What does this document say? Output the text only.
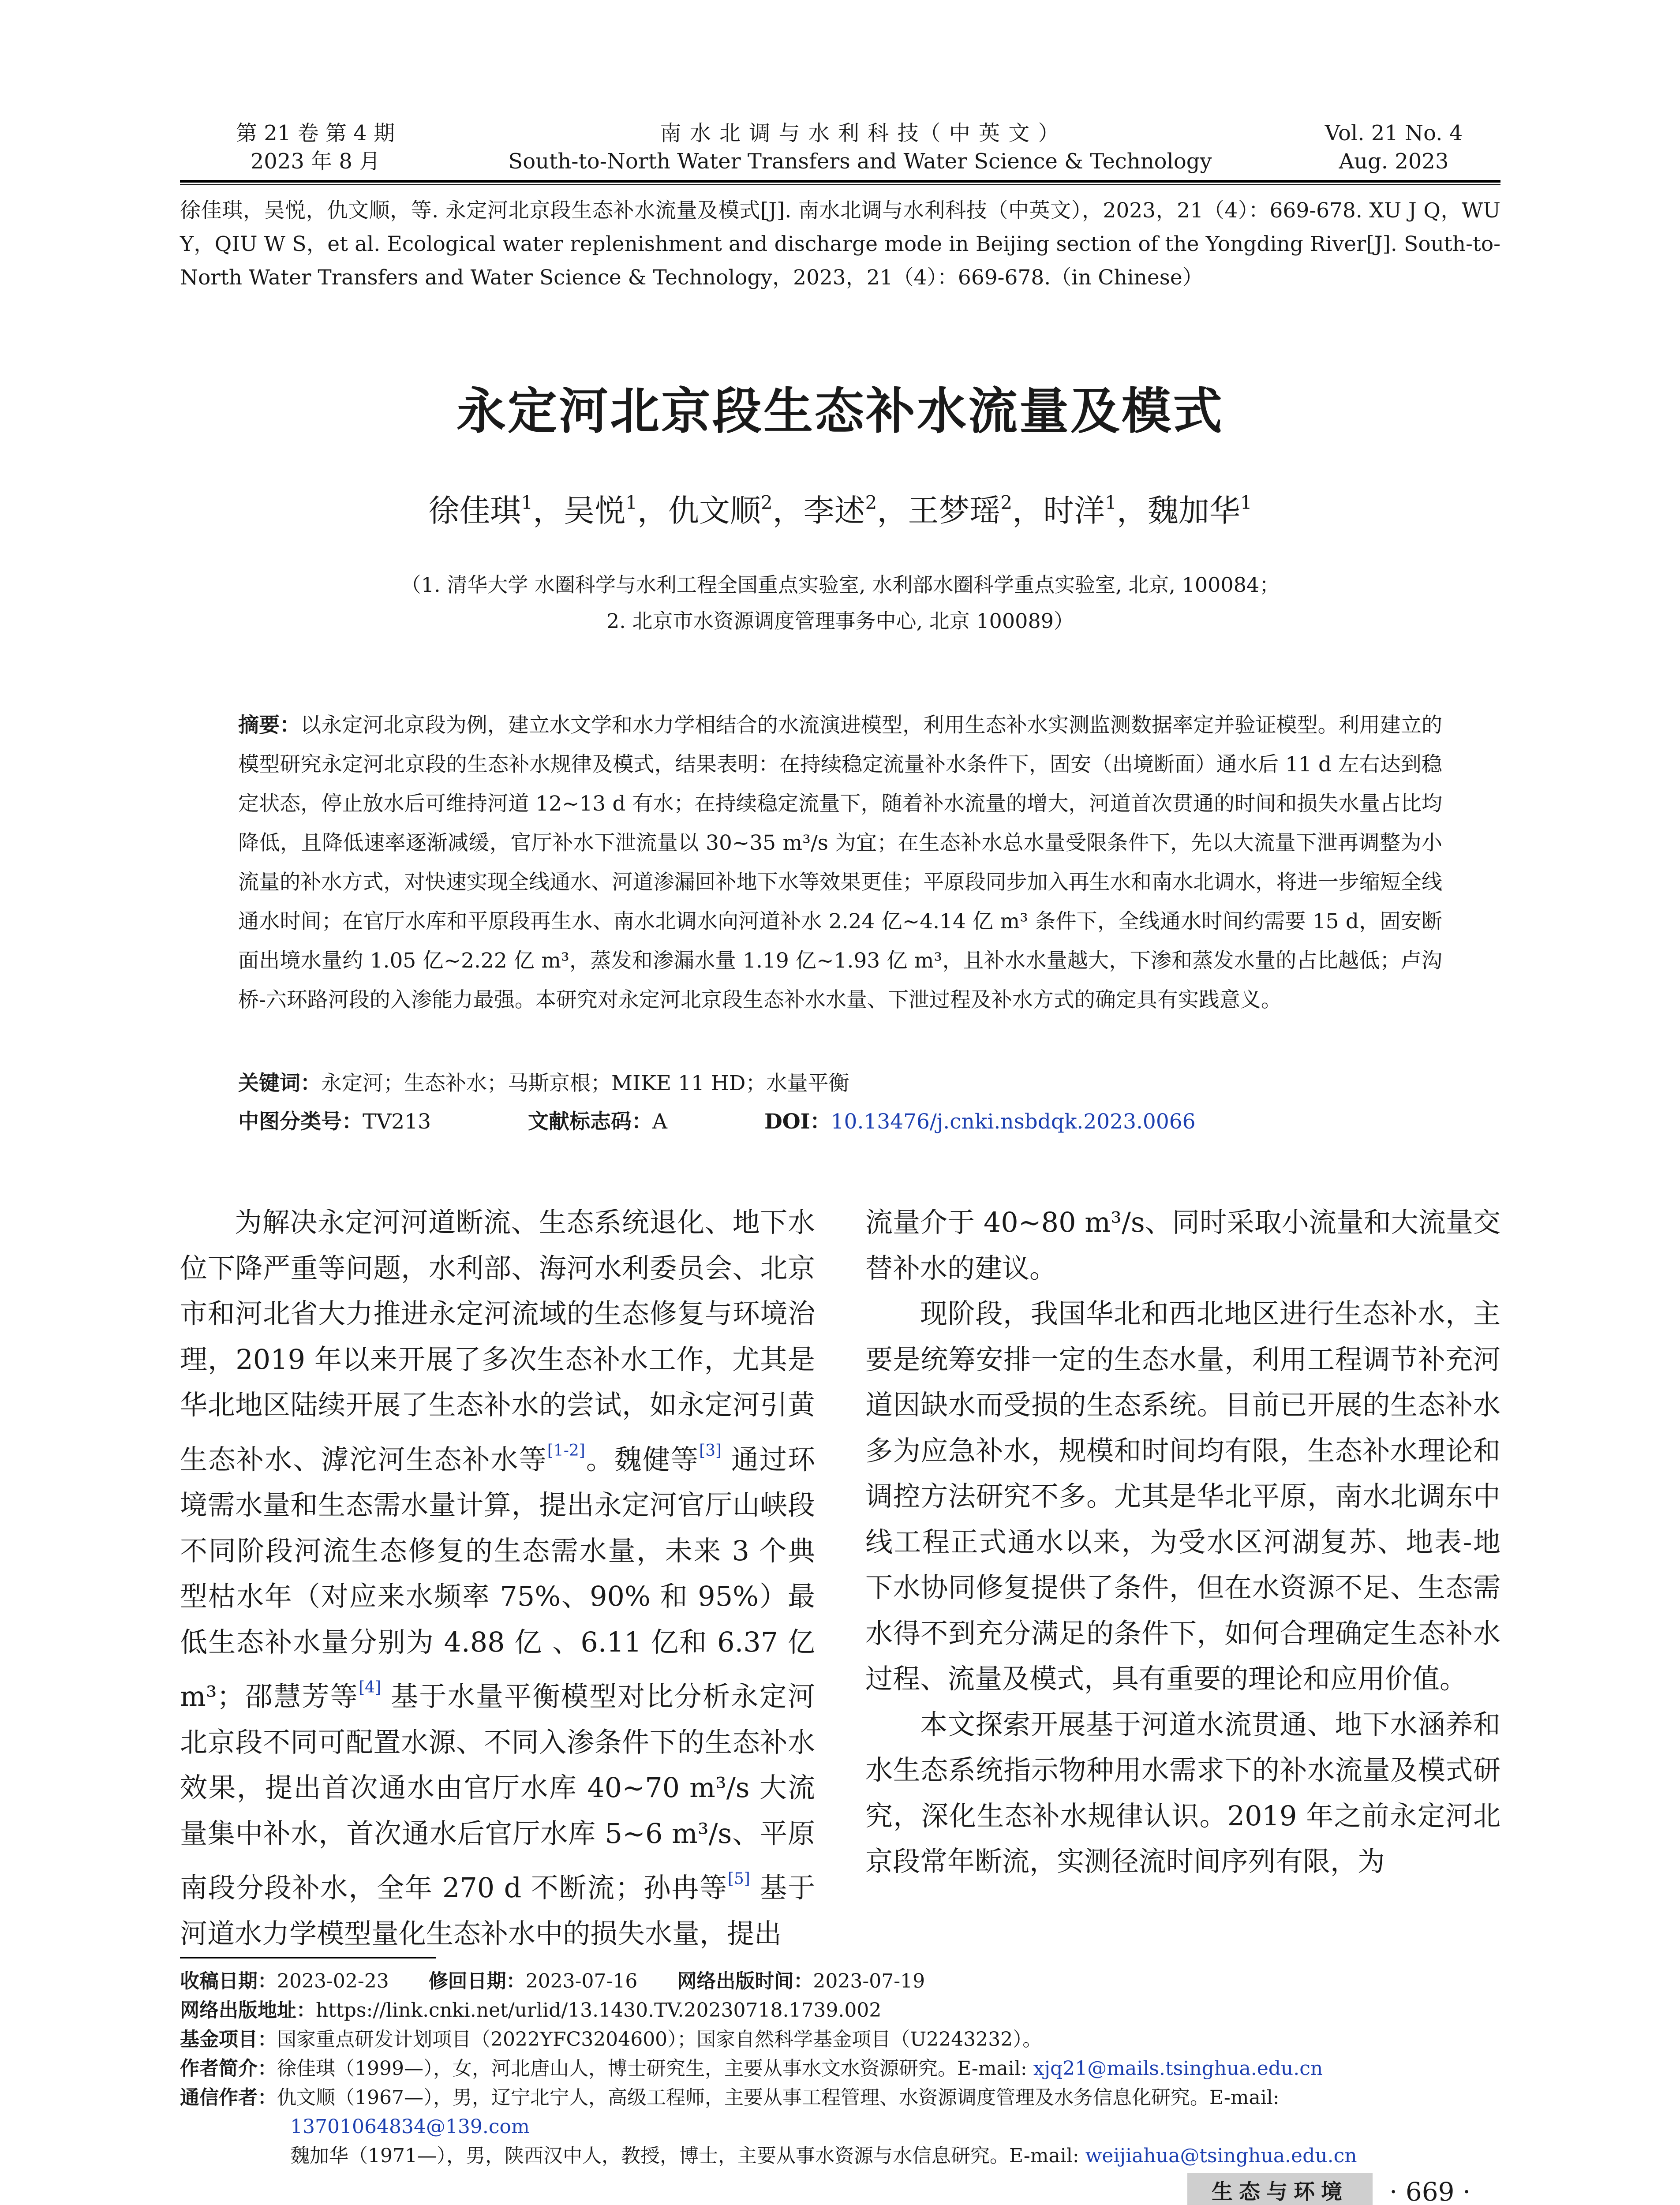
第 21 卷 第 4 期
2023 年 8 月
南 水 北 调 与 水 利 科 技（ 中 英 文 ）
South-to-North Water Transfers and Water Science & Technology
Vol. 21 No. 4
Aug. 2023
徐佳琪，吴悦，仇文顺，等. 永定河北京段生态补水流量及模式[J]. 南水北调与水利科技（中英文），2023，21（4）：669-678. XU J Q，WU Y，QIU W S，et al. Ecological water replenishment and discharge mode in Beijing section of the Yongding River[J]. South-to-North Water Transfers and Water Science & Technology，2023，21（4）：669-678.（in Chinese）
永定河北京段生态补水流量及模式
徐佳琪$^1$，吴悦$^1$，仇文顺$^2$，李述$^2$，王梦瑶$^2$，时洋$^1$，魏加华$^1$
（1. 清华大学 水圈科学与水利工程全国重点实验室, 水利部水圈科学重点实验室, 北京, 100084；
2. 北京市水资源调度管理事务中心, 北京 100089）
摘要：以永定河北京段为例，建立水文学和水力学相结合的水流演进模型，利用生态补水实测监测数据率定并验证模型。利用建立的模型研究永定河北京段的生态补水规律及模式，结果表明：在持续稳定流量补水条件下，固安（出境断面）通水后 11 d 左右达到稳定状态，停止放水后可维持河道 12~13 d 有水；在持续稳定流量下，随着补水流量的增大，河道首次贯通的时间和损失水量占比均降低，且降低速率逐渐减缓，官厅补水下泄流量以 30~35 m³/s 为宜；在生态补水总水量受限条件下，先以大流量下泄再调整为小流量的补水方式，对快速实现全线通水、河道渗漏回补地下水等效果更佳；平原段同步加入再生水和南水北调水，将进一步缩短全线通水时间；在官厅水库和平原段再生水、南水北调水向河道补水 2.24 亿~4.14 亿 m³ 条件下，全线通水时间约需要 15 d，固安断面出境水量约 1.05 亿~2.22 亿 m³，蒸发和渗漏水量 1.19 亿~1.93 亿 m³，且补水水量越大，下渗和蒸发水量的占比越低；卢沟桥-六环路河段的入渗能力最强。本研究对永定河北京段生态补水水量、下泄过程及补水方式的确定具有实践意义。
关键词：永定河；生态补水；马斯京根；MIKE 11 HD；水量平衡
中图分类号：TV213	文献标志码：A	DOI：10.13476/j.cnki.nsbdqk.2023.0066

为解决永定河河道断流、生态系统退化、地下水位下降严重等问题，水利部、海河水利委员会、北京市和河北省大力推进永定河流域的生态修复与环境治理，2019 年以来开展了多次生态补水工作，尤其是华北地区陆续开展了生态补水的尝试，如永定河引黄生态补水、滹沱河生态补水等[1-2]。魏健等[3] 通过环境需水量和生态需水量计算，提出永定河官厅山峡段不同阶段河流生态修复的生态需水量，未来 3 个典型枯水年（对应来水频率 75%、90% 和 95%）最低生态补水量分别为 4.88 亿 、6.11 亿和 6.37 亿 m³；邵慧芳等[4] 基于水量平衡模型对比分析永定河北京段不同可配置水源、不同入渗条件下的生态补水效果，提出首次通水由官厅水库 40~70 m³/s 大流量集中补水，首次通水后官厅水库 5~6 m³/s、平原南段分段补水，全年 270 d 不断流；孙冉等[5] 基于河道水力学模型量化生态补水中的损失水量，提出

流量介于 40~80 m³/s、同时采取小流量和大流量交替补水的建议。

现阶段，我国华北和西北地区进行生态补水，主要是统筹安排一定的生态水量，利用工程调节补充河道因缺水而受损的生态系统。目前已开展的生态补水多为应急补水，规模和时间均有限，生态补水理论和调控方法研究不多。尤其是华北平原，南水北调东中线工程正式通水以来，为受水区河湖复苏、地表-地下水协同修复提供了条件，但在水资源不足、生态需水得不到充分满足的条件下，如何合理确定生态补水过程、流量及模式，具有重要的理论和应用价值。

本文探索开展基于河道水流贯通、地下水涵养和水生态系统指示物种用水需求下的补水流量及模式研究，深化生态补水规律认识。2019 年之前永定河北京段常年断流，实测径流时间序列有限，为

收稿日期：2023-02-23 修回日期：2023-07-16 网络出版时间：2023-07-19
网络出版地址：https://link.cnki.net/urlid/13.1430.TV.20230718.1739.002
基金项目：国家重点研发计划项目（2022YFC3204600）；国家自然科学基金项目（U2243232）。
作者简介：徐佳琪（1999—），女，河北唐山人，博士研究生，主要从事水文水资源研究。E-mail: xjq21@mails.tsinghua.edu.cn
通信作者：仇文顺（1967—），男，辽宁北宁人，高级工程师，主要从事工程管理、水资源调度管理及水务信息化研究。E-mail: 13701064834@139.com
魏加华（1971—），男，陕西汉中人，教授，博士，主要从事水资源与水信息研究。E-mail: weijiahua@tsinghua.edu.cn
生态与环境	· 669 ·
